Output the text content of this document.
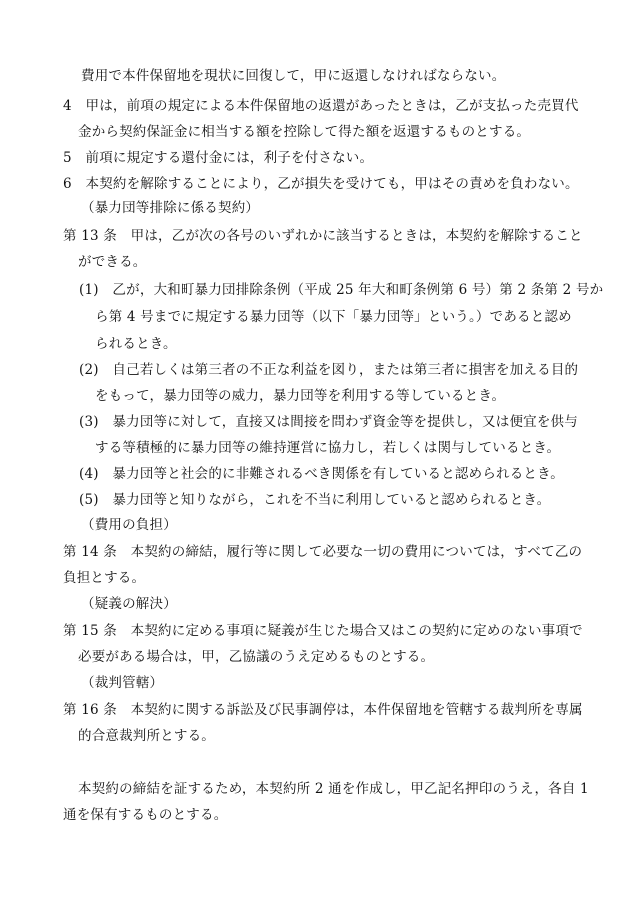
費用で本件保留地を現状に回復して，甲に返還しなければならない。
4　甲は，前項の規定による本件保留地の返還があったときは，乙が支払った売買代
金から契約保証金に相当する額を控除して得た額を返還するものとする。
5　前項に規定する還付金には，利子を付さない。
6　本契約を解除することにより，乙が損失を受けても，甲はその責めを負わない。
（暴力団等排除に係る契約）
第 13 条　甲は，乙が次の各号のいずれかに該当するときは，本契約を解除すること
ができる。
(1)　乙が，大和町暴力団排除条例（平成 25 年大和町条例第 6 号）第 2 条第 2 号か
ら第 4 号までに規定する暴力団等（以下「暴力団等」という。）であると認め
られるとき。
(2)　自己若しくは第三者の不正な利益を図り，または第三者に損害を加える目的
をもって，暴力団等の威力，暴力団等を利用する等しているとき。
(3)　暴力団等に対して，直接又は間接を問わず資金等を提供し，又は便宜を供与
する等積極的に暴力団等の維持運営に協力し，若しくは関与しているとき。
(4)　暴力団等と社会的に非難されるべき関係を有していると認められるとき。
(5)　暴力団等と知りながら，これを不当に利用していると認められるとき。
（費用の負担）
第 14 条　本契約の締結，履行等に関して必要な一切の費用については，すべて乙の
負担とする。
（疑義の解決）
第 15 条　本契約に定める事項に疑義が生じた場合又はこの契約に定めのない事項で
必要がある場合は，甲，乙協議のうえ定めるものとする。
（裁判管轄）
第 16 条　本契約に関する訴訟及び民事調停は，本件保留地を管轄する裁判所を専属
的合意裁判所とする。
本契約の締結を証するため，本契約所 2 通を作成し，甲乙記名押印のうえ，各自 1
通を保有するものとする。
